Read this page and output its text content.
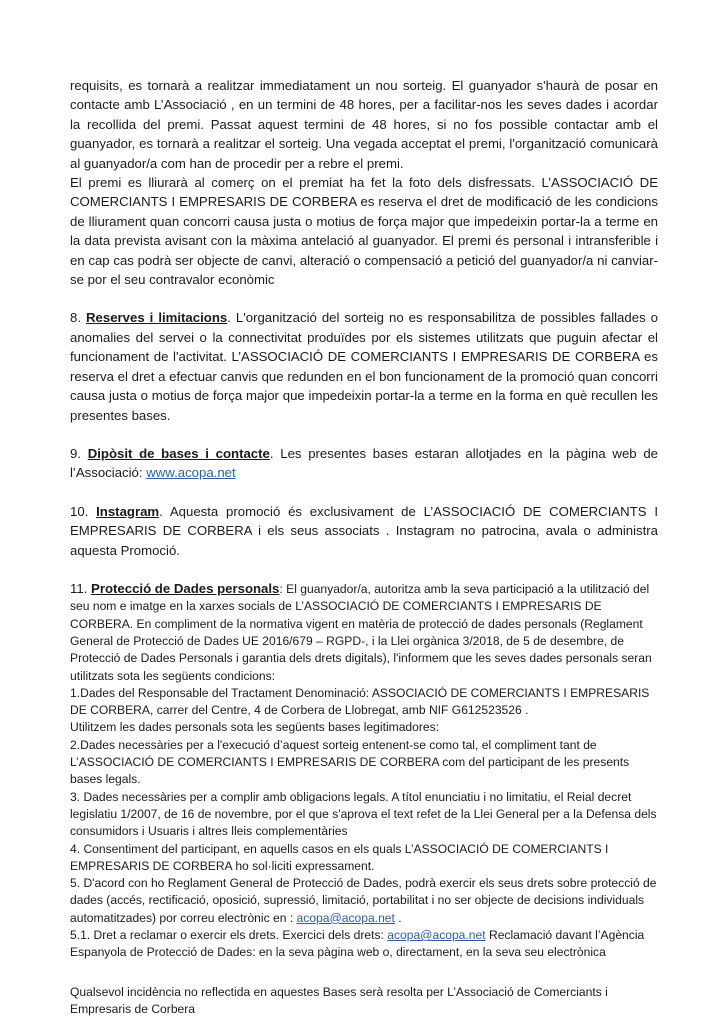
requisits, es tornarà a realitzar immediatament un nou sorteig. El guanyador s'haurà de posar en contacte amb L’Associació , en un termini de 48 hores, per a facilitar-nos les seves dades i acordar la recollida del premi. Passat aquest termini de 48 hores, si no fos possible contactar amb el guanyador, es tornarà a realitzar el sorteig. Una vegada acceptat el premi, l'organització comunicarà al guanyador/a com han de procedir per a rebre el premi.

El premi es lliurarà al comerç on el premiat ha fet la foto dels disfressats. L’ASSOCIACIÓ DE COMERCIANTS I EMPRESARIS DE CORBERA es reserva el dret de modificació de les condicions de lliurament quan concorri causa justa o motius de força major que impedeixin portar-la a terme en la data prevista avisant con la màxima antelació al guanyador. El premi és personal i intransferible i en cap cas podrà ser objecte de canvi, alteració o compensació a petició del guanyador/a ni canviar-se por el seu contravalor econòmic

8. Reserves i limitacions. L'organització del sorteig no es responsabilitza de possibles fallades o anomalies del servei o la connectivitat produïdes por els sistemes utilitzats que puguin afectar el funcionament de l'activitat. L’ASSOCIACIÓ DE COMERCIANTS I EMPRESARIS DE CORBERA es reserva el dret a efectuar canvis que redunden en el bon funcionament de la promoció quan concorri causa justa o motius de força major que impedeixin portar-la a terme en la forma en què recullen les presentes bases.

9. Dipòsit de bases i contacte. Les presentes bases estaran allotjades en la pàgina web de l’Associació: www.acopa.net

10. Instagram. Aquesta promoció és exclusivament de L’ASSOCIACIÓ DE COMERCIANTS I EMPRESARIS DE CORBERA i els seus associats . Instagram no patrocina, avala o administra aquesta Promoció.

11. Protecció de Dades personals: El guanyador/a, autoritza amb la seva participació a la utilització del seu nom e imatge en la xarxes socials de L’ASSOCIACIÓ DE COMERCIANTS I EMPRESARIS DE CORBERA. En compliment de la normativa vigent en matèria de protecció de dades personals (Reglament General de Protecció de Dades UE 2016/679 – RGPD-, i la Llei orgànica 3/2018, de 5 de desembre, de Protecció de Dades Personals i garantia dels drets digitals), l'informem que les seves dades personals seran utilitzats sota les següents condicions:

1.Dades del Responsable del Tractament Denominació: ASSOCIACIÓ DE COMERCIANTS I EMPRESARIS DE CORBERA, carrer del Centre, 4 de Corbera de Llobregat, amb NIF G612523526 .

Utilitzem les dades personals sota les següents bases legitimadores:

2.Dades necessàries per a l'execució d’aquest sorteig entenent-se como tal, el compliment tant de L’ASSOCIACIÓ DE COMERCIANTS I EMPRESARIS DE CORBERA com del participant de les presents bases legals.

3. Dades necessàries per a complir amb obligacions legals. A títol enunciatiu i no limitatiu, el Reial decret legislatiu 1/2007, de 16 de novembre, por el que s'aprova el text refet de la Llei General per a la Defensa dels consumidors i Usuaris i altres lleis complementàries

4. Consentiment del participant, en aquells casos en els quals L’ASSOCIACIÓ DE COMERCIANTS I EMPRESARIS DE CORBERA ho sol·liciti expressament.

5. D'acord con ho Reglament General de Protecció de Dades, podrà exercir els seus drets sobre protecció de dades (accés, rectificació, oposició, supressió, limitació, portabilitat i no ser objecte de decisions individuals automatitzades) por correu electrònic en : acopa@acopa.net .

5.1. Dret a reclamar o exercir els drets. Exercici dels drets: acopa@acopa.net Reclamació davant l’Agència Espanyola de Protecció de Dades: en la seva pàgina web o, directament, en la seva seu electrònica

Qualsevol incidència no reflectida en aquestes Bases serà resolta per L’Associació de Comerciants i Empresaris de Corbera
